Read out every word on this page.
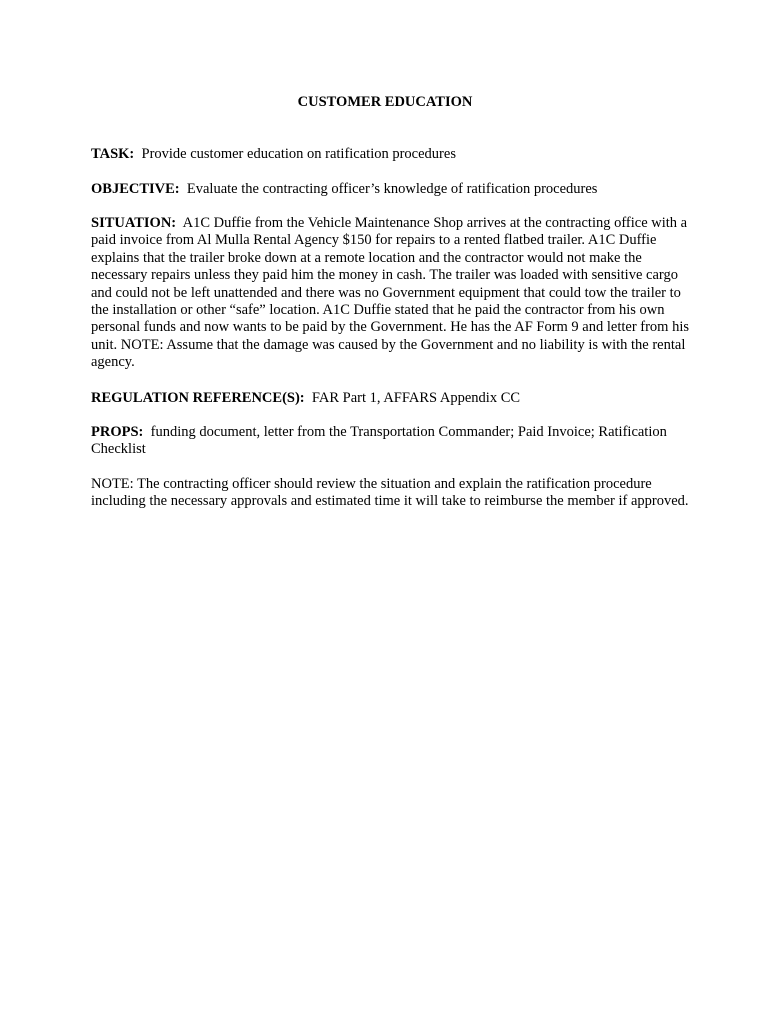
CUSTOMER EDUCATION
TASK: Provide customer education on ratification procedures
OBJECTIVE: Evaluate the contracting officer’s knowledge of ratification procedures
SITUATION: A1C Duffie from the Vehicle Maintenance Shop arrives at the contracting office with a paid invoice from Al Mulla Rental Agency $150 for repairs to a rented flatbed trailer. A1C Duffie explains that the trailer broke down at a remote location and the contractor would not make the necessary repairs unless they paid him the money in cash. The trailer was loaded with sensitive cargo and could not be left unattended and there was no Government equipment that could tow the trailer to the installation or other “safe” location. A1C Duffie stated that he paid the contractor from his own personal funds and now wants to be paid by the Government. He has the AF Form 9 and letter from his unit. NOTE: Assume that the damage was caused by the Government and no liability is with the rental agency.
REGULATION REFERENCE(S): FAR Part 1, AFFARS Appendix CC
PROPS: funding document, letter from the Transportation Commander; Paid Invoice; Ratification Checklist
NOTE: The contracting officer should review the situation and explain the ratification procedure including the necessary approvals and estimated time it will take to reimburse the member if approved.
